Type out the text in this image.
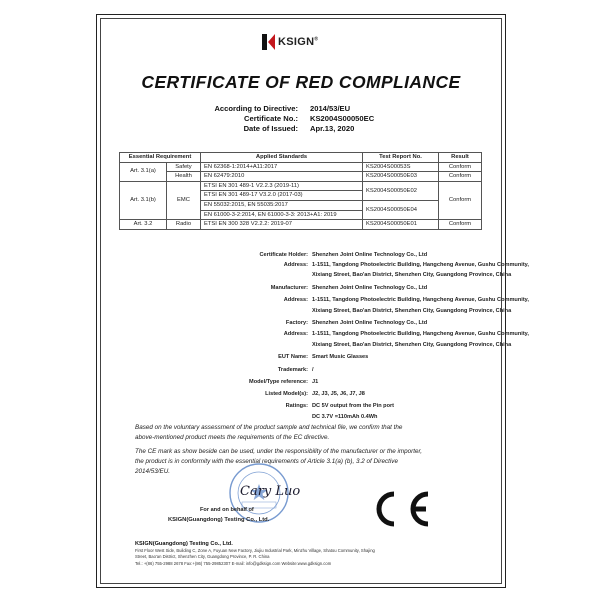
KSIGN®
CERTIFICATE OF RED COMPLIANCE
According to Directive: 2014/53/EU
Certificate No.: KS2004S00050EC
Date of Issued: Apr.13, 2020
Essential Requirement		Applied Standards	Test Report No.	Result
Art. 3.1(a)	Safety	EN 62368-1:2014+A11:2017	KS2004S00053S	Conform
	Health	EN 62479:2010	KS2004S00050E03	Conform
Art. 3.1(b)	EMC	ETSI EN 301 489-1 V2.2.3 (2019-11)	KS2004S00050E02	Conform
		ETSI EN 301 489-17 V3.2.0 (2017-03)		
		EN 55032:2015, EN 55035:2017	KS2004S00050E04	
		EN 61000-3-2:2014, EN 61000-3-3: 2013+A1: 2019		
Art. 3.2	Radio	ETSI EN 300 328 V2.2.2: 2019-07	KS2004S00050E01	Conform
Certificate Holder: Shenzhen Joint Online Technology Co., Ltd
Address: 1-1511, Tangdong Photoelectric Building, Hangcheng Avenue, Gushu Community,
Xixiang Street, Bao'an District, Shenzhen City, Guangdong Province, China
Manufacturer: Shenzhen Joint Online Technology Co., Ltd
Address: 1-1511, Tangdong Photoelectric Building, Hangcheng Avenue, Gushu Community,
Xixiang Street, Bao'an District, Shenzhen City, Guangdong Province, China
Factory: Shenzhen Joint Online Technology Co., Ltd
Address: 1-1511, Tangdong Photoelectric Building, Hangcheng Avenue, Gushu Community,
Xixiang Street, Bao'an District, Shenzhen City, Guangdong Province, China
EUT Name: Smart Music Glasses
Trademark: /
Model/Type reference: J1
Listed Model(s): J2, J3, J5, J6, J7, J8
Ratings: DC 5V output from the Pin port
DC 3.7V =110mAh 0.4Wh
Based on the voluntary assessment of the product sample and technical file, we confirm that the
above-mentioned product meets the requirements of the EC directive.
The CE mark as show beside can be used, under the responsibility of the manufacturer or the importer,
the product is in conformity with the essential requirements of Article 3.1(a) (b), 3.2 of Directive
2014/53/EU.
Cary Luo
For and on behalf of
KSIGN(Guangdong) Testing Co., Ltd.
KSIGN(Guangdong) Testing Co., Ltd.
First Floor West Side, Building C, Zone A, Fuyuan New Factory, Jiujiu Industrial Park, Minzhu Village, Shatou Community, Shajing
Street, Bao'an District, Shenzhen City, Guangdong Province, P. R. China
Tel.: +(86) 755-2988 2678 Fax:+(86) 755-29852307 E-mail: info@gdksign.com Website:www.gdksign.com
